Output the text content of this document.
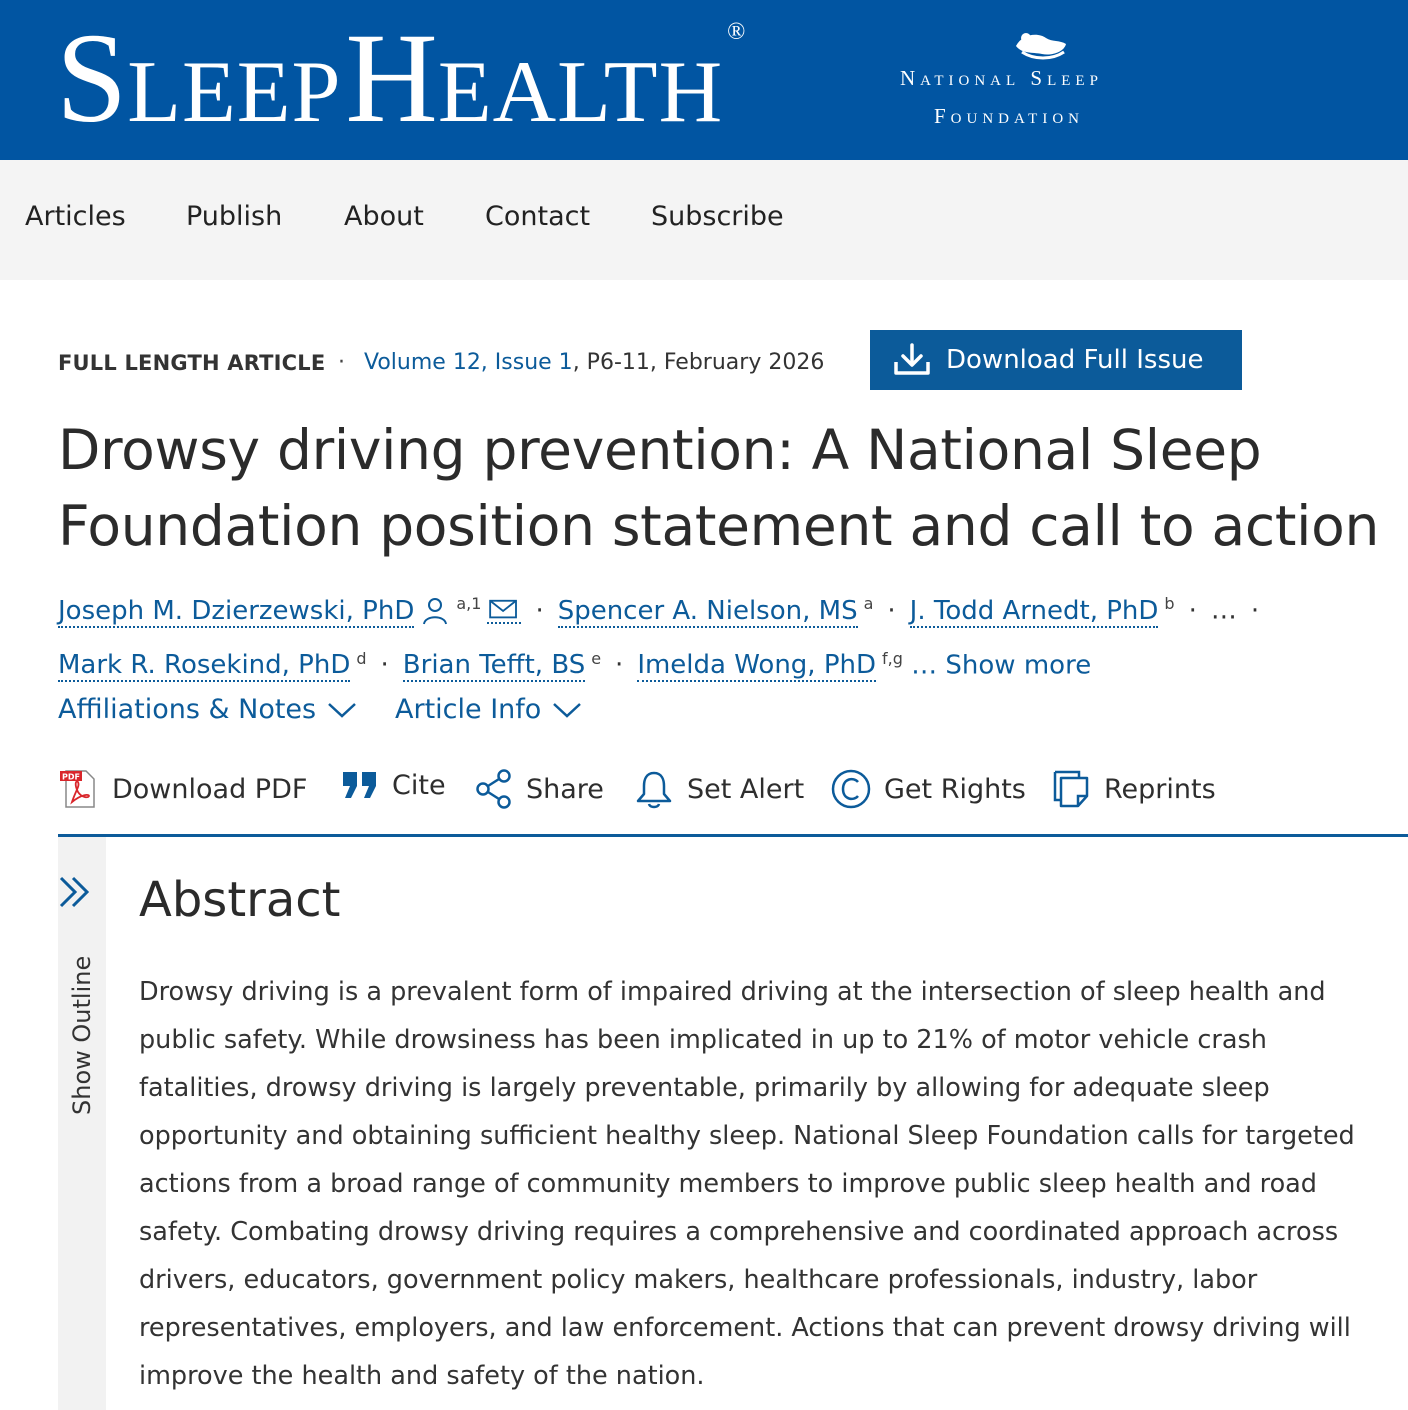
SLEEP HEALTH®
National Sleep
Foundation
Articles Publish About Contact Subscribe
FULL LENGTH ARTICLE · Volume 12, Issue 1, P6-11, February 2026	Download Full Issue
Drowsy driving prevention: A National Sleep Foundation position statement and call to action
Joseph M. Dzierzewski, PhD	$^{a,1}$ · Spencer A. Nielson, MS $^a$ · J. Todd Arnedt, PhD $^b$ · … ·
Mark R. Rosekind, PhD $^d$ · Brian Tefft, BS $^e$ · Imelda Wong, PhD $^{f,g}$ … Show more
Affiliations & Notes	Article Info
PDF Download PDF	Cite	Share	Set Alert	Get Rights	Reprints
Show Outline
Abstract

Drowsy driving is a prevalent form of impaired driving at the intersection of sleep health and public safety. While drowsiness has been implicated in up to 21% of motor vehicle crash fatalities, drowsy driving is largely preventable, primarily by allowing for adequate sleep opportunity and obtaining sufficient healthy sleep. National Sleep Foundation calls for targeted actions from a broad range of community members to improve public sleep health and road safety. Combating drowsy driving requires a comprehensive and coordinated approach across drivers, educators, government policy makers, healthcare professionals, industry, labor representatives, employers, and law enforcement. Actions that can prevent drowsy driving will improve the health and safety of the nation.
